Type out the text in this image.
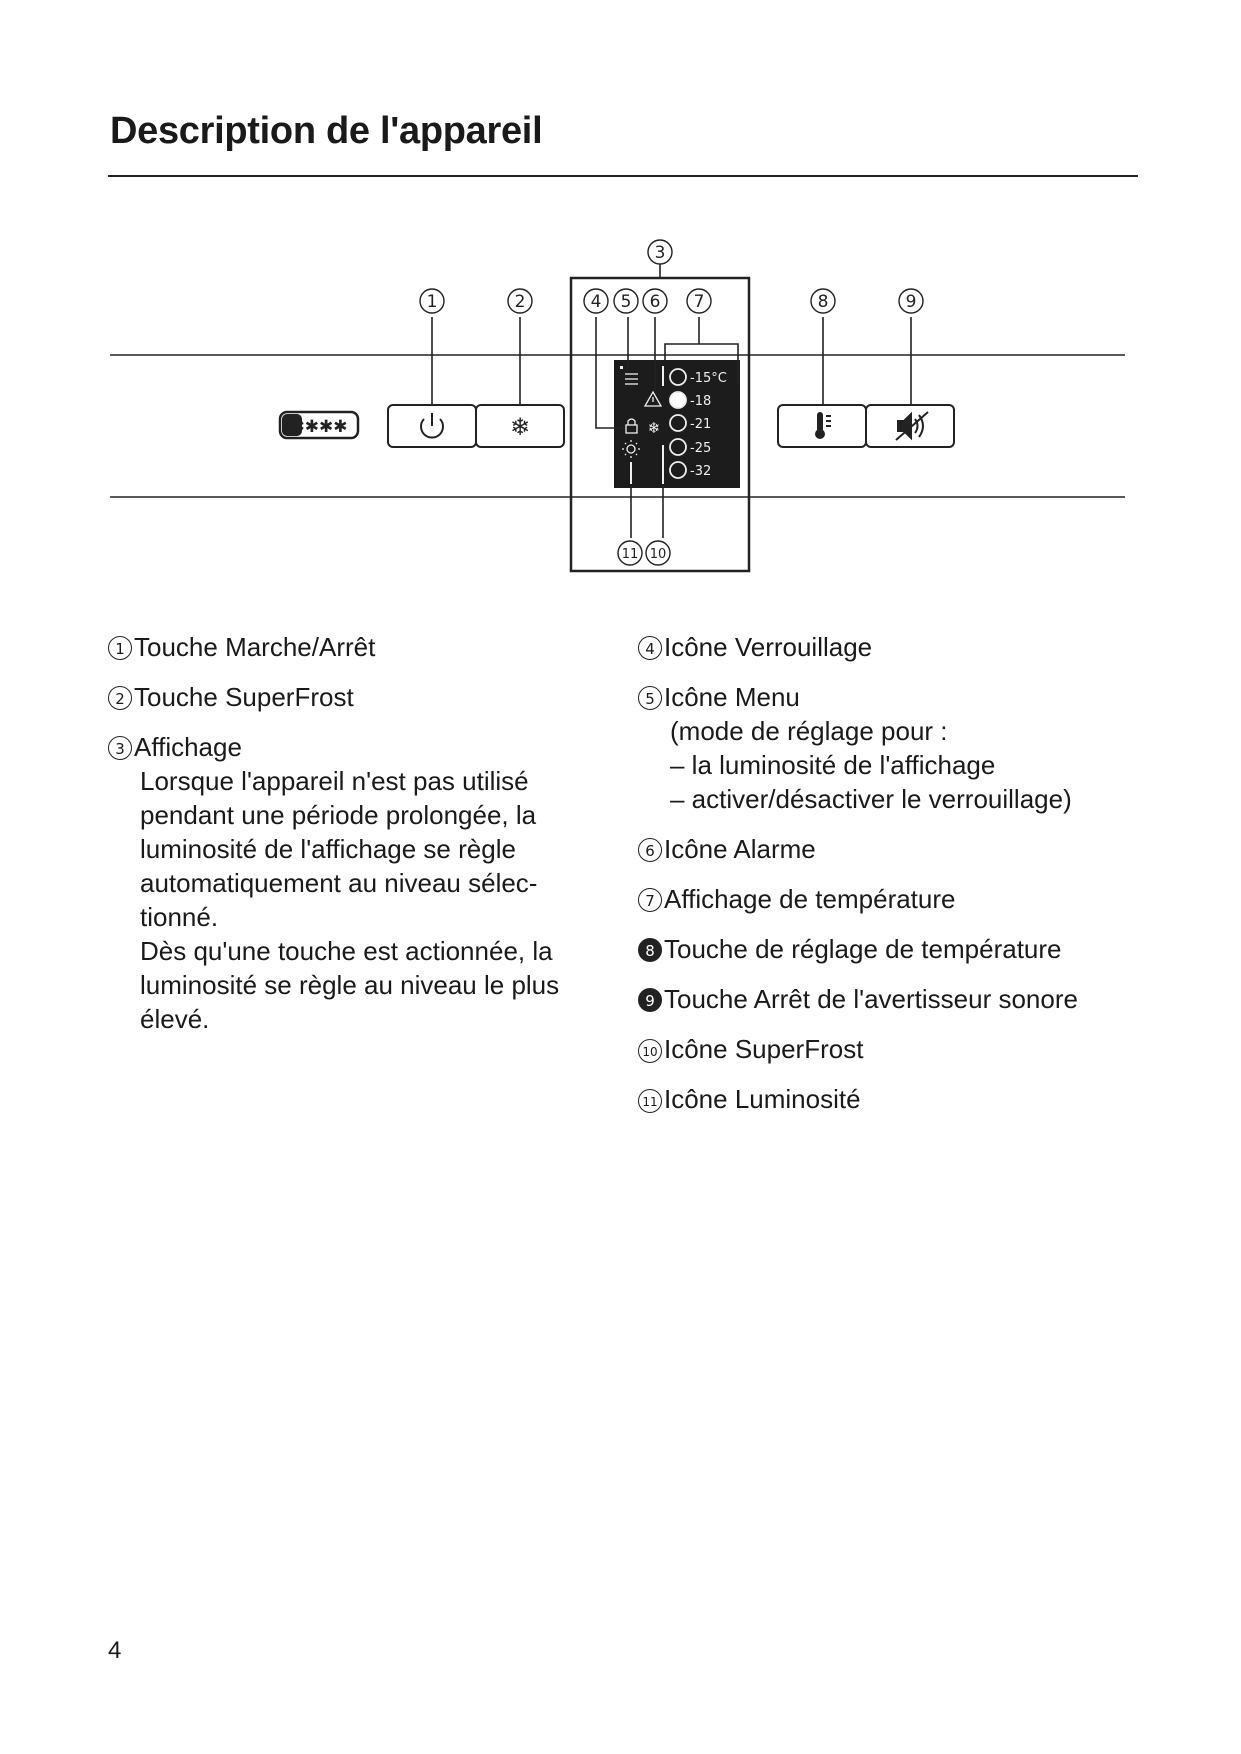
Description de l'appareil
✱✱✱✱	❄	❄
-15°C
-18
-21
-25
-32
3
1	2	4 5 6 7	8	9
11 10
1 Touche Marche/Arrêt
2 Touche SuperFrost
3 Affichage
Lorsque l'appareil n'est pas utilisé
pendant une période prolongée, la
luminosité de l'affichage se règle
automatiquement au niveau sélec-
tionné.
Dès qu'une touche est actionnée, la
luminosité se règle au niveau le plus
élevé.
4 Icône Verrouillage
5 Icône Menu
(mode de réglage pour :
– la luminosité de l'affichage
– activer/désactiver le verrouillage)
6 Icône Alarme
7 Affichage de température
8 Touche de réglage de température
9 Touche Arrêt de l'avertisseur sonore
10 Icône SuperFrost
11 Icône Luminosité
4
